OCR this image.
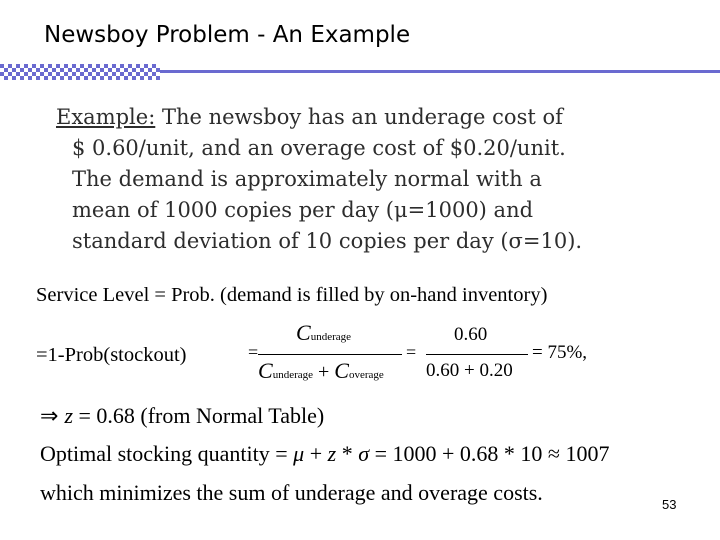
Newsboy Problem - An Example
Example: The newsboy has an underage cost of
$ 0.60/unit, and an overage cost of $0.20/unit.
The demand is approximately normal with a
mean of 1000 copies per day (μ=1000) and
standard deviation of 10 copies per day (σ=10).
Service Level = Prob. (demand is filled by on-hand inventory)
=1-Prob(stockout)	=
Cunderage
Cunderage + Coverage
=
0.60
0.60 + 0.20
= 75%,
⇒ z = 0.68 (from Normal Table)
Optimal stocking quantity = μ + z * σ = 1000 + 0.68 * 10 ≈ 1007
which minimizes the sum of underage and overage costs.	53
